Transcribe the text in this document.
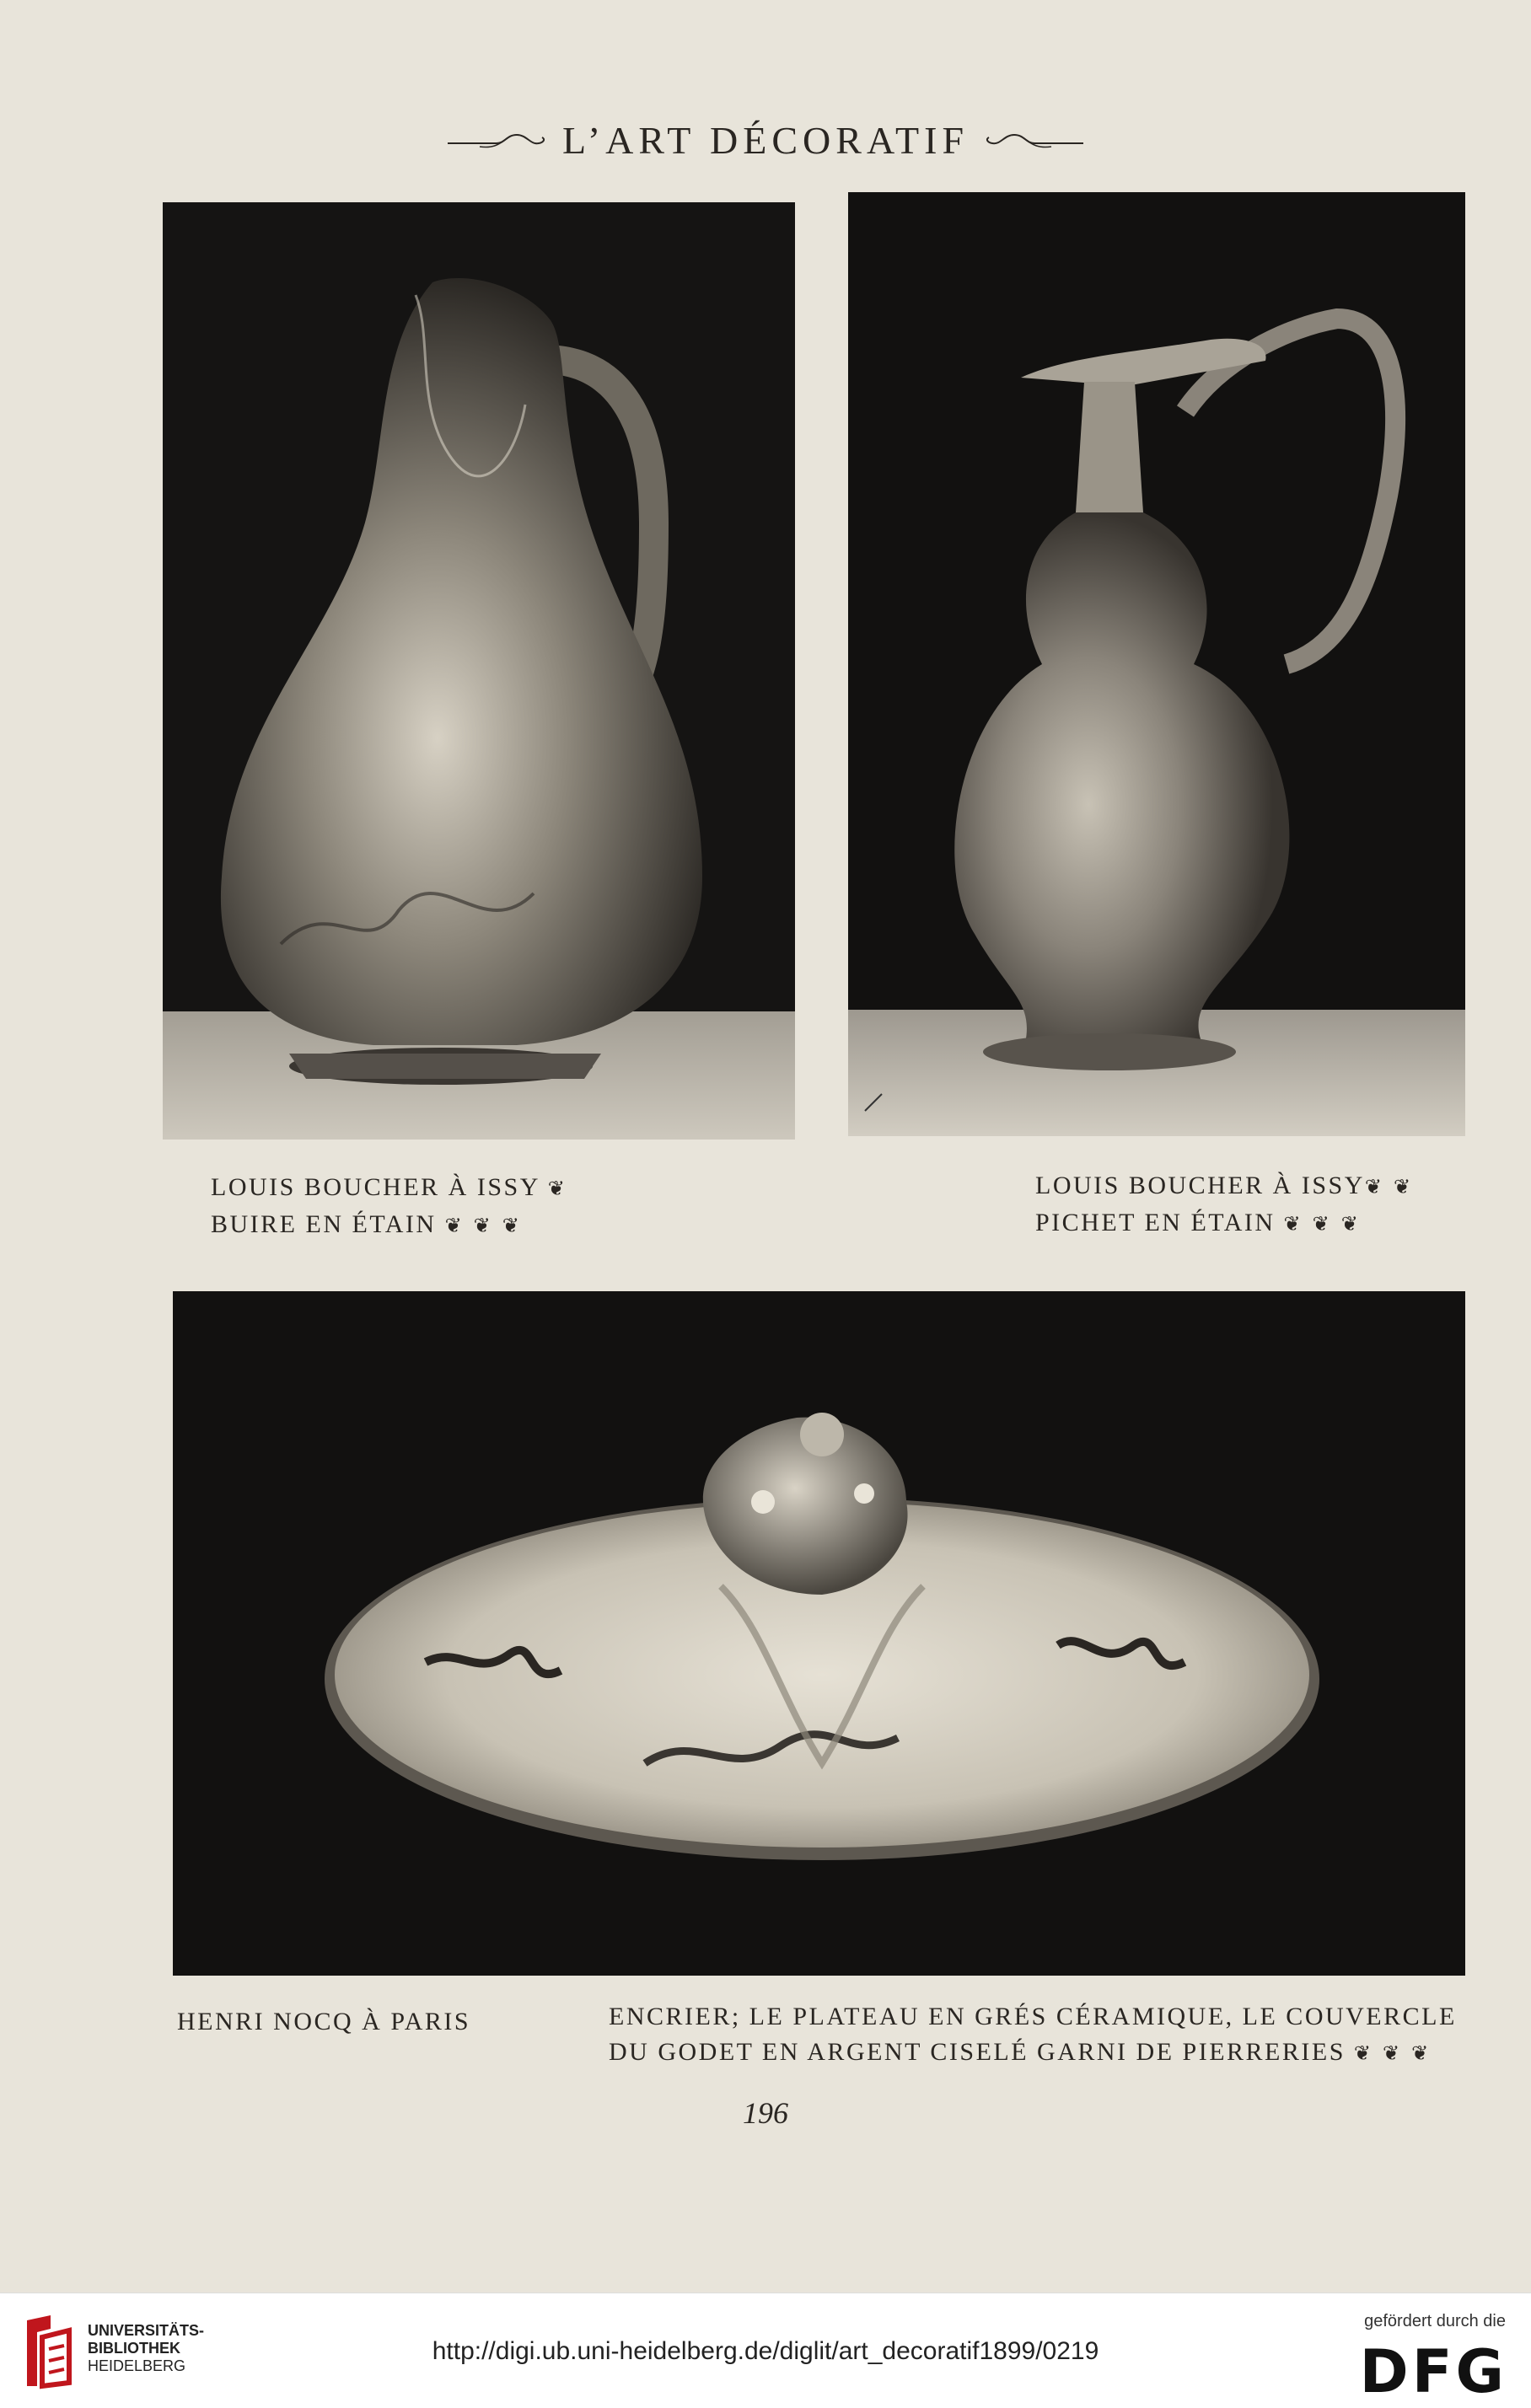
L’ART DÉCORATIF
LOUIS BOUCHER À ISSY ❦
BUIRE EN ÉTAIN ❦ ❦ ❦
LOUIS BOUCHER À ISSY❦ ❦
PICHET EN ÉTAIN ❦ ❦ ❦
HENRI NOCQ À PARIS	ENCRIER; LE PLATEAU EN GRÉS CÉRAMIQUE, LE COUVERCLE
DU GODET EN ARGENT CISELÉ GARNI DE PIERRERIES ❦ ❦ ❦
196
UNIVERSITÄTS-
BIBLIOTHEK
HEIDELBERG
http://digi.ub.uni-heidelberg.de/diglit/art_decoratif1899/0219
gefördert durch die
DFG
